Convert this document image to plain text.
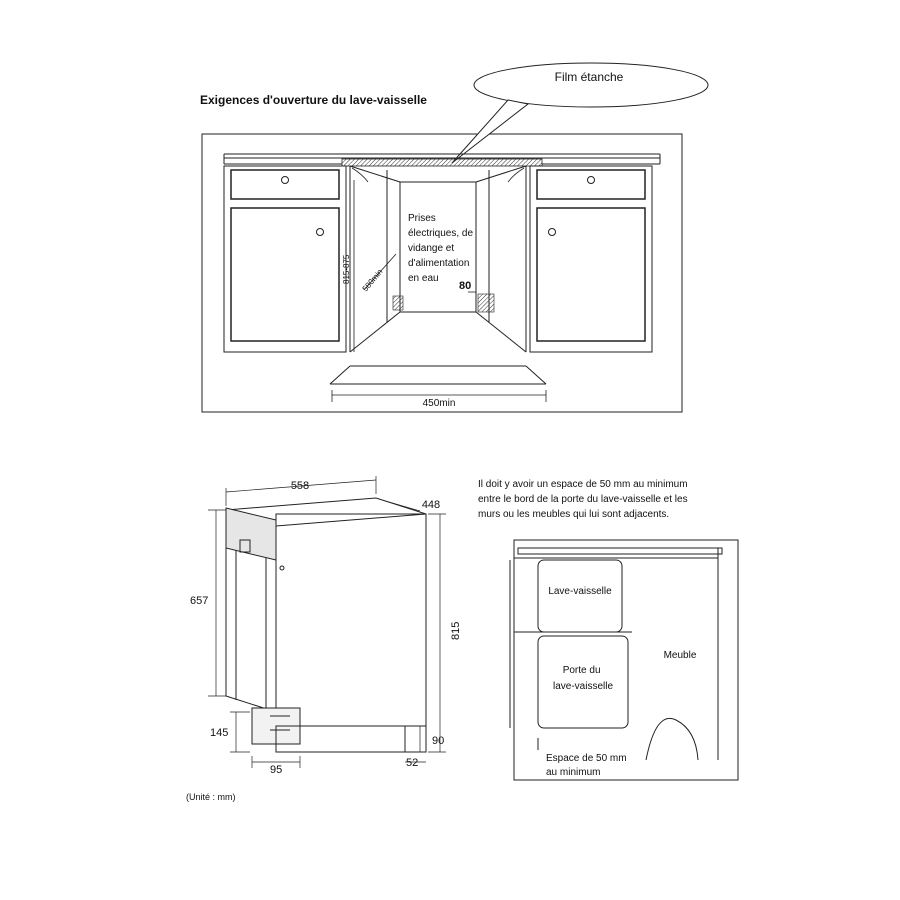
Exigences d'ouverture du lave-vaisselle
Film étanche
Prises électriques, de vidange et d'alimentation en eau
80
815-875 580min
450min
558
448
657
815
145
90
95
52
Il doit y avoir un espace de 50 mm au minimum entre le bord de la porte du lave-vaisselle et les murs ou les meubles qui lui sont adjacents.
Lave-vaisselle
Porte du lave-vaisselle
Meuble
Espace de 50 mm au minimum
(Unité : mm)
